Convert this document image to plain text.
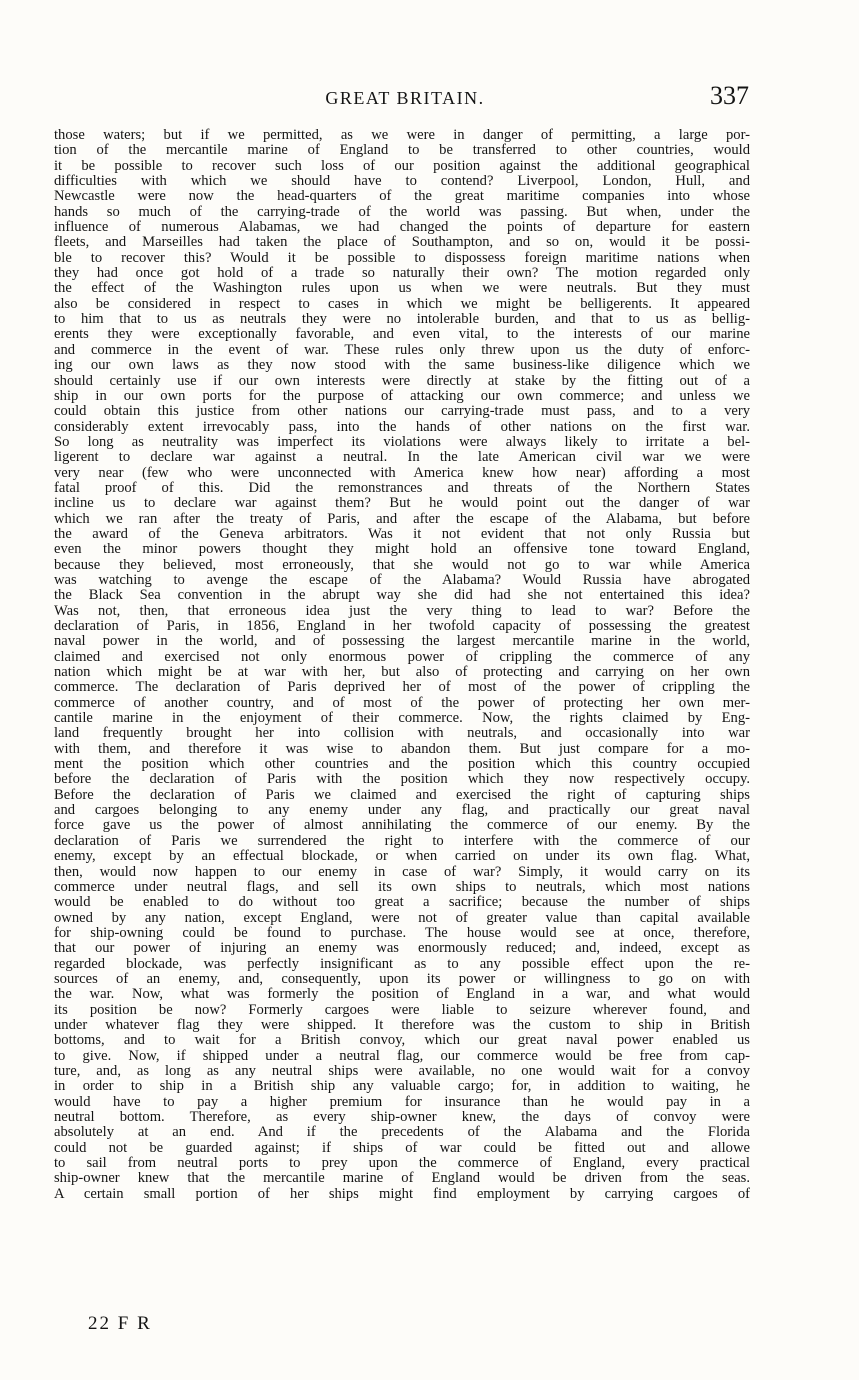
GREAT BRITAIN.	337
those waters; but if we permitted, as we were in danger of permitting, a large por-
tion of the mercantile marine of England to be transferred to other countries, would
it be possible to recover such loss of our position against the additional geographical
difficulties with which we should have to contend? Liverpool, London, Hull, and
Newcastle were now the head-quarters of the great maritime companies into whose
hands so much of the carrying-trade of the world was passing. But when, under the
influence of numerous Alabamas, we had changed the points of departure for eastern
fleets, and Marseilles had taken the place of Southampton, and so on, would it be possi-
ble to recover this? Would it be possible to dispossess foreign maritime nations when
they had once got hold of a trade so naturally their own? The motion regarded only
the effect of the Washington rules upon us when we were neutrals. But they must
also be considered in respect to cases in which we might be belligerents. It appeared
to him that to us as neutrals they were no intolerable burden, and that to us as bellig-
erents they were exceptionally favorable, and even vital, to the interests of our marine
and commerce in the event of war. These rules only threw upon us the duty of enforc-
ing our own laws as they now stood with the same business-like diligence which we
should certainly use if our own interests were directly at stake by the fitting out of a
ship in our own ports for the purpose of attacking our own commerce; and unless we
could obtain this justice from other nations our carrying-trade must pass, and to a very
considerably extent irrevocably pass, into the hands of other nations on the first war.
So long as neutrality was imperfect its violations were always likely to irritate a bel-
ligerent to declare war against a neutral. In the late American civil war we were
very near (few who were unconnected with America knew how near) affording a most
fatal proof of this. Did the remonstrances and threats of the Northern States
incline us to declare war against them? But he would point out the danger of war
which we ran after the treaty of Paris, and after the escape of the Alabama, but before
the award of the Geneva arbitrators. Was it not evident that not only Russia but
even the minor powers thought they might hold an offensive tone toward England,
because they believed, most erroneously, that she would not go to war while America
was watching to avenge the escape of the Alabama? Would Russia have abrogated
the Black Sea convention in the abrupt way she did had she not entertained this idea?
Was not, then, that erroneous idea just the very thing to lead to war? Before the
declaration of Paris, in 1856, England in her twofold capacity of possessing the greatest
naval power in the world, and of possessing the largest mercantile marine in the world,
claimed and exercised not only enormous power of crippling the commerce of any
nation which might be at war with her, but also of protecting and carrying on her own
commerce. The declaration of Paris deprived her of most of the power of crippling the
commerce of another country, and of most of the power of protecting her own mer-
cantile marine in the enjoyment of their commerce. Now, the rights claimed by Eng-
land frequently brought her into collision with neutrals, and occasionally into war
with them, and therefore it was wise to abandon them. But just compare for a mo-
ment the position which other countries and the position which this country occupied
before the declaration of Paris with the position which they now respectively occupy.
Before the declaration of Paris we claimed and exercised the right of capturing ships
and cargoes belonging to any enemy under any flag, and practically our great naval
force gave us the power of almost annihilating the commerce of our enemy. By the
declaration of Paris we surrendered the right to interfere with the commerce of our
enemy, except by an effectual blockade, or when carried on under its own flag. What,
then, would now happen to our enemy in case of war? Simply, it would carry on its
commerce under neutral flags, and sell its own ships to neutrals, which most nations
would be enabled to do without too great a sacrifice; because the number of ships
owned by any nation, except England, were not of greater value than capital available
for ship-owning could be found to purchase. The house would see at once, therefore,
that our power of injuring an enemy was enormously reduced; and, indeed, except as
regarded blockade, was perfectly insignificant as to any possible effect upon the re-
sources of an enemy, and, consequently, upon its power or willingness to go on with
the war. Now, what was formerly the position of England in a war, and what would
its position be now? Formerly cargoes were liable to seizure wherever found, and
under whatever flag they were shipped. It therefore was the custom to ship in British
bottoms, and to wait for a British convoy, which our great naval power enabled us
to give. Now, if shipped under a neutral flag, our commerce would be free from cap-
ture, and, as long as any neutral ships were available, no one would wait for a convoy
in order to ship in a British ship any valuable cargo; for, in addition to waiting, he
would have to pay a higher premium for insurance than he would pay in a
neutral bottom. Therefore, as every ship-owner knew, the days of convoy were
absolutely at an end. And if the precedents of the Alabama and the Florida
could not be guarded against; if ships of war could be fitted out and allowe
to sail from neutral ports to prey upon the commerce of England, every practical
ship-owner knew that the mercantile marine of England would be driven from the seas.
A certain small portion of her ships might find employment by carrying cargoes of
22 F R
